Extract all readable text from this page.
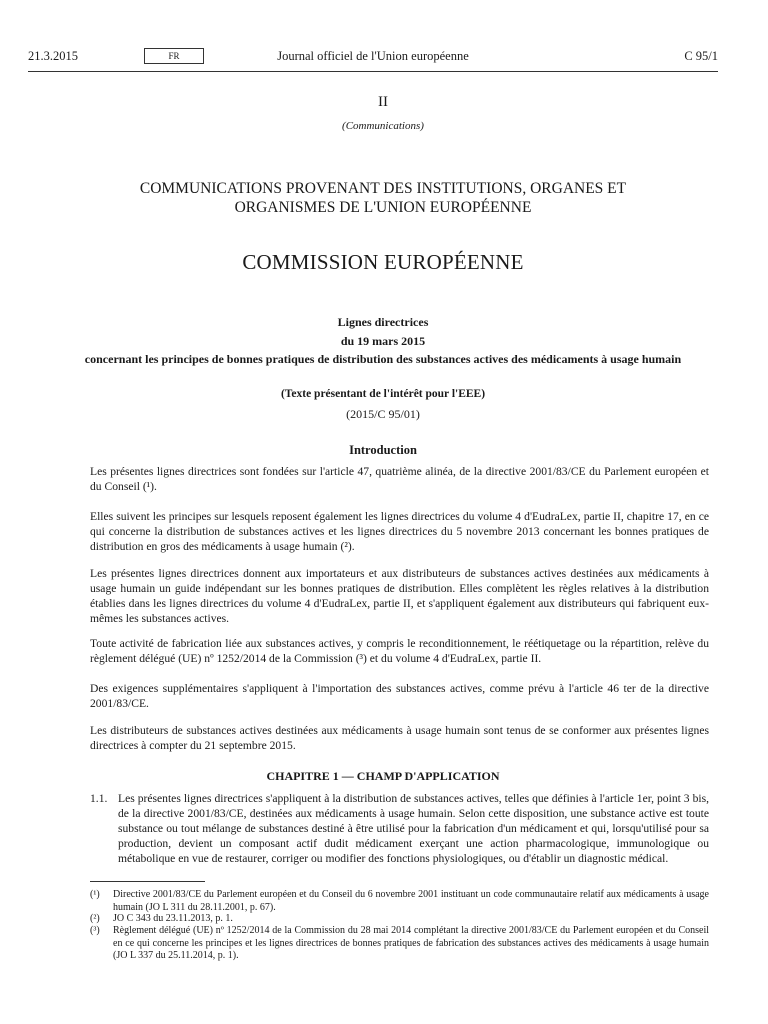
21.3.2015	FR	Journal officiel de l'Union européenne	C 95/1
II
(Communications)
COMMUNICATIONS PROVENANT DES INSTITUTIONS, ORGANES ET
ORGANISMES DE L'UNION EUROPÉENNE
COMMISSION EUROPÉENNE
Lignes directrices
du 19 mars 2015
concernant les principes de bonnes pratiques de distribution des substances actives des médicaments à usage humain
(Texte présentant de l'intérêt pour l'EEE)
(2015/C 95/01)
Introduction
Les présentes lignes directrices sont fondées sur l'article 47, quatrième alinéa, de la directive 2001/83/CE du Parlement européen et du Conseil (¹).
Elles suivent les principes sur lesquels reposent également les lignes directrices du volume 4 d'EudraLex, partie II, chapitre 17, en ce qui concerne la distribution de substances actives et les lignes directrices du 5 novembre 2013 concernant les bonnes pratiques de distribution en gros des médicaments à usage humain (²).
Les présentes lignes directrices donnent aux importateurs et aux distributeurs de substances actives destinées aux médicaments à usage humain un guide indépendant sur les bonnes pratiques de distribution. Elles complètent les règles relatives à la distribution établies dans les lignes directrices du volume 4 d'EudraLex, partie II, et s'appliquent également aux distributeurs qui fabriquent eux-mêmes les substances actives.
Toute activité de fabrication liée aux substances actives, y compris le reconditionnement, le réétiquetage ou la répartition, relève du règlement délégué (UE) nº 1252/2014 de la Commission (³) et du volume 4 d'EudraLex, partie II.
Des exigences supplémentaires s'appliquent à l'importation des substances actives, comme prévu à l'article 46 ter de la directive 2001/83/CE.
Les distributeurs de substances actives destinées aux médicaments à usage humain sont tenus de se conformer aux présentes lignes directrices à compter du 21 septembre 2015.
CHAPITRE 1 — CHAMP D'APPLICATION
1.1. Les présentes lignes directrices s'appliquent à la distribution de substances actives, telles que définies à l'article 1er, point 3 bis, de la directive 2001/83/CE, destinées aux médicaments à usage humain. Selon cette disposition, une substance active est toute substance ou tout mélange de substances destiné à être utilisé pour la fabrication d'un médicament et qui, lorsqu'utilisé pour sa production, devient un composant actif dudit médicament exerçant une action pharmacologique, immunologique ou métabolique en vue de restaurer, corriger ou modifier des fonctions physiologiques, ou d'établir un diagnostic médical.
(¹) Directive 2001/83/CE du Parlement européen et du Conseil du 6 novembre 2001 instituant un code communautaire relatif aux médicaments à usage humain (JO L 311 du 28.11.2001, p. 67).
(²) JO C 343 du 23.11.2013, p. 1.
(³) Règlement délégué (UE) nº 1252/2014 de la Commission du 28 mai 2014 complétant la directive 2001/83/CE du Parlement européen et du Conseil en ce qui concerne les principes et les lignes directrices de bonnes pratiques de fabrication des substances actives des médicaments à usage humain (JO L 337 du 25.11.2014, p. 1).
